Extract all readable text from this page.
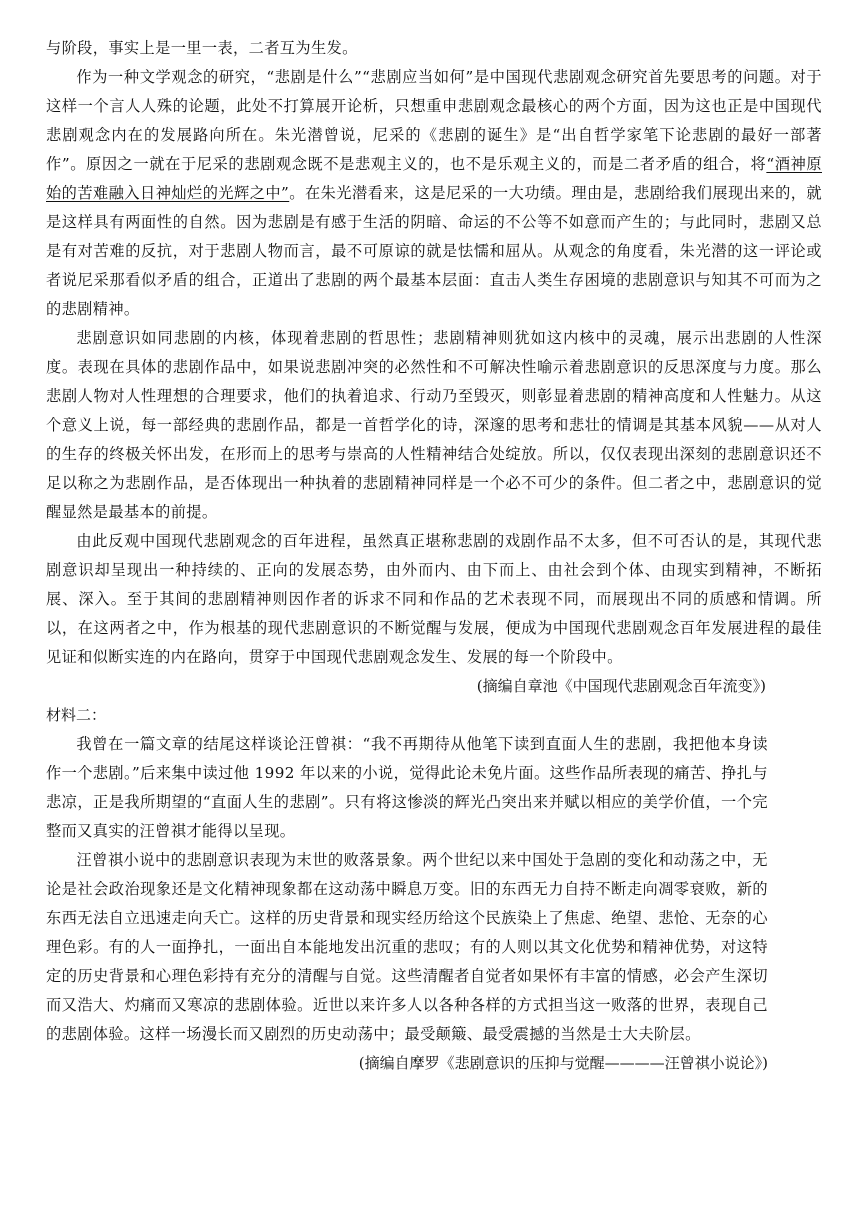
与阶段，事实上是一里一表，二者互为生发。

作为一种文学观念的研究，“悲剧是什么”“悲剧应当如何”是中国现代悲剧观念研究首先要思考的问题。对于这样一个言人人殊的论题，此处不打算展开论析，只想重申悲剧观念最核心的两个方面，因为这也正是中国现代悲剧观念内在的发展路向所在。朱光潜曾说，尼采的《悲剧的诞生》是“出自哲学家笔下论悲剧的最好一部著作”。原因之一就在于尼采的悲剧观念既不是悲观主义的，也不是乐观主义的，而是二者矛盾的组合，将“酒神原始的苦难融入日神灿烂的光辉之中”。在朱光潜看来，这是尼采的一大功绩。理由是，悲剧给我们展现出来的，就是这样具有两面性的自然。因为悲剧是有感于生活的阴暗、命运的不公等不如意而产生的；与此同时，悲剧又总是有对苦难的反抗，对于悲剧人物而言，最不可原谅的就是怯懦和屈从。从观念的角度看，朱光潜的这一评论或者说尼采那看似矛盾的组合，正道出了悲剧的两个最基本层面：直击人类生存困境的悲剧意识与知其不可而为之的悲剧精神。

悲剧意识如同悲剧的内核，体现着悲剧的哲思性；悲剧精神则犹如这内核中的灵魂，展示出悲剧的人性深度。表现在具体的悲剧作品中，如果说悲剧冲突的必然性和不可解决性喻示着悲剧意识的反思深度与力度。那么悲剧人物对人性理想的合理要求，他们的执着追求、行动乃至毁灭，则彰显着悲剧的精神高度和人性魅力。从这个意义上说，每一部经典的悲剧作品，都是一首哲学化的诗，深邃的思考和悲壮的情调是其基本风貌——从对人的生存的终极关怀出发，在形而上的思考与崇高的人性精神结合处绽放。所以，仅仅表现出深刻的悲剧意识还不足以称之为悲剧作品，是否体现出一种执着的悲剧精神同样是一个必不可少的条件。但二者之中，悲剧意识的觉醒显然是最基本的前提。

由此反观中国现代悲剧观念的百年进程，虽然真正堪称悲剧的戏剧作品不太多，但不可否认的是，其现代悲剧意识却呈现出一种持续的、正向的发展态势，由外而内、由下而上、由社会到个体、由现实到精神，不断拓展、深入。至于其间的悲剧精神则因作者的诉求不同和作品的艺术表现不同，而展现出不同的质感和情调。所以，在这两者之中，作为根基的现代悲剧意识的不断觉醒与发展，便成为中国现代悲剧观念百年发展进程的最佳见证和似断实连的内在路向，贯穿于中国现代悲剧观念发生、发展的每一个阶段中。

(摘编自章池《中国现代悲剧观念百年流变》)

材料二：

我曾在一篇文章的结尾这样谈论汪曾祺：“我不再期待从他笔下读到直面人生的悲剧，我把他本身读作一个悲剧。”后来集中读过他 1992 年以来的小说，觉得此论未免片面。这些作品所表现的痛苦、挣扎与悲凉，正是我所期望的“直面人生的悲剧”。只有将这惨淡的辉光凸突出来并赋以相应的美学价值，一个完整而又真实的汪曾祺才能得以呈现。

汪曾祺小说中的悲剧意识表现为末世的败落景象。两个世纪以来中国处于急剧的变化和动荡之中，无论是社会政治现象还是文化精神现象都在这动荡中瞬息万变。旧的东西无力自持不断走向凋零衰败，新的东西无法自立迅速走向夭亡。这样的历史背景和现实经历给这个民族染上了焦虑、绝望、悲怆、无奈的心理色彩。有的人一面挣扎，一面出自本能地发出沉重的悲叹；有的人则以其文化优势和精神优势，对这特定的历史背景和心理色彩持有充分的清醒与自觉。这些清醒者自觉者如果怀有丰富的情感，必会产生深切而又浩大、灼痛而又寒凉的悲剧体验。近世以来许多人以各种各样的方式担当这一败落的世界，表现自己的悲剧体验。这样一场漫长而又剧烈的历史动荡中；最受颠簸、最受震撼的当然是士大夫阶层。

(摘编自摩罗《悲剧意识的压抑与觉醒————汪曾祺小说论》)
